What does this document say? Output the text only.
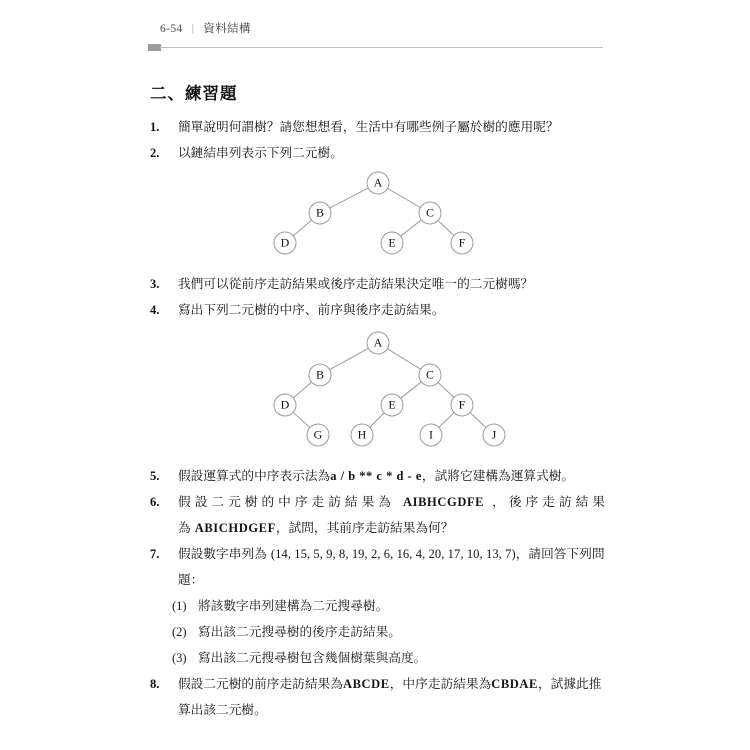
6-54 | 資料結構
二、練習題
1.	簡單說明何謂樹？請您想想看，生活中有哪些例子屬於樹的應用呢？
2.	以鏈結串列表示下列二元樹。
3.	我們可以從前序走訪結果或後序走訪結果決定唯一的二元樹嗎？
4.	寫出下列二元樹的中序、前序與後序走訪結果。
5.	假設運算式的中序表示法為a / b ** c * d - e，試將它建構為運算式樹。
6.	假設二元樹的中序走訪結果為 AIBHCGDFE ，後序走訪結果為 ABICHDGEF，試問，其前序走訪結果為何？
7.	假設數字串列為 (14, 15, 5, 9, 8, 19, 2, 6, 16, 4, 20, 17, 10, 13, 7)，請回答下列問題：
(1) 將該數字串列建構為二元搜尋樹。
(2) 寫出該二元搜尋樹的後序走訪結果。
(3) 寫出該二元搜尋樹包含幾個樹葉與高度。
8.	假設二元樹的前序走訪結果為ABCDE，中序走訪結果為CBDAE，試據此推算出該二元樹。
A
B	C
D	E	F
A
B	C
D	E	F
G	H	I	J
